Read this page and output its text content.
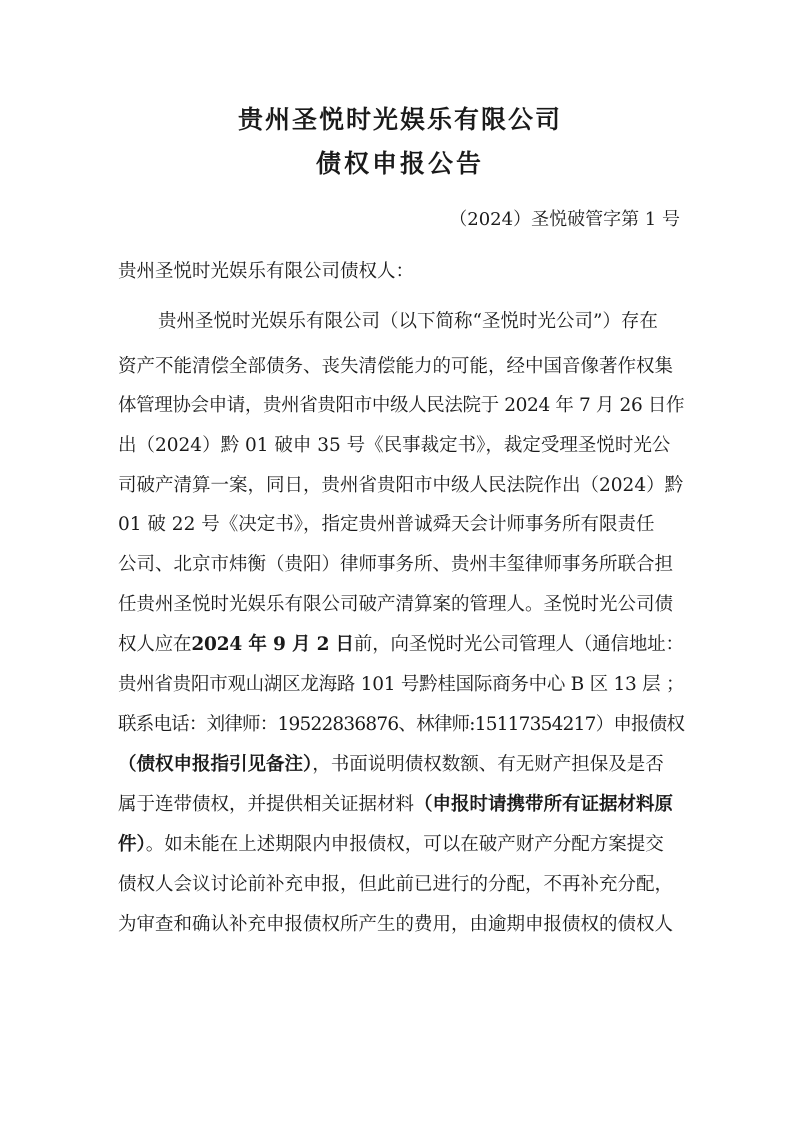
贵州圣悦时光娱乐有限公司
债权申报公告
（2024）圣悦破管字第 1 号

贵州圣悦时光娱乐有限公司债权人：

贵州圣悦时光娱乐有限公司（以下简称“圣悦时光公司”）存在

资产不能清偿全部债务、丧失清偿能力的可能，经中国音像著作权集

体管理协会申请，贵州省贵阳市中级人民法院于 2024 年 7 月 26 日作

出（2024）黔 01 破申 35 号《民事裁定书》，裁定受理圣悦时光公

司破产清算一案，同日，贵州省贵阳市中级人民法院作出（2024）黔

01 破 22 号《决定书》，指定贵州普诚舜天会计师事务所有限责任

公司、北京市炜衡（贵阳）律师事务所、贵州丰玺律师事务所联合担

任贵州圣悦时光娱乐有限公司破产清算案的管理人。圣悦时光公司债

权人应在2024 年 9 月 2 日前，向圣悦时光公司管理人（通信地址：

贵州省贵阳市观山湖区龙海路 101 号黔桂国际商务中心 B 区 13 层 ；

联系电话：刘律师：19522836876、林律师:15117354217）申报债权

（债权申报指引见备注），书面说明债权数额、有无财产担保及是否

属于连带债权，并提供相关证据材料（申报时请携带所有证据材料原

件）。如未能在上述期限内申报债权，可以在破产财产分配方案提交

债权人会议讨论前补充申报，但此前已进行的分配，不再补充分配，

为审查和确认补充申报债权所产生的费用，由逾期申报债权的债权人
